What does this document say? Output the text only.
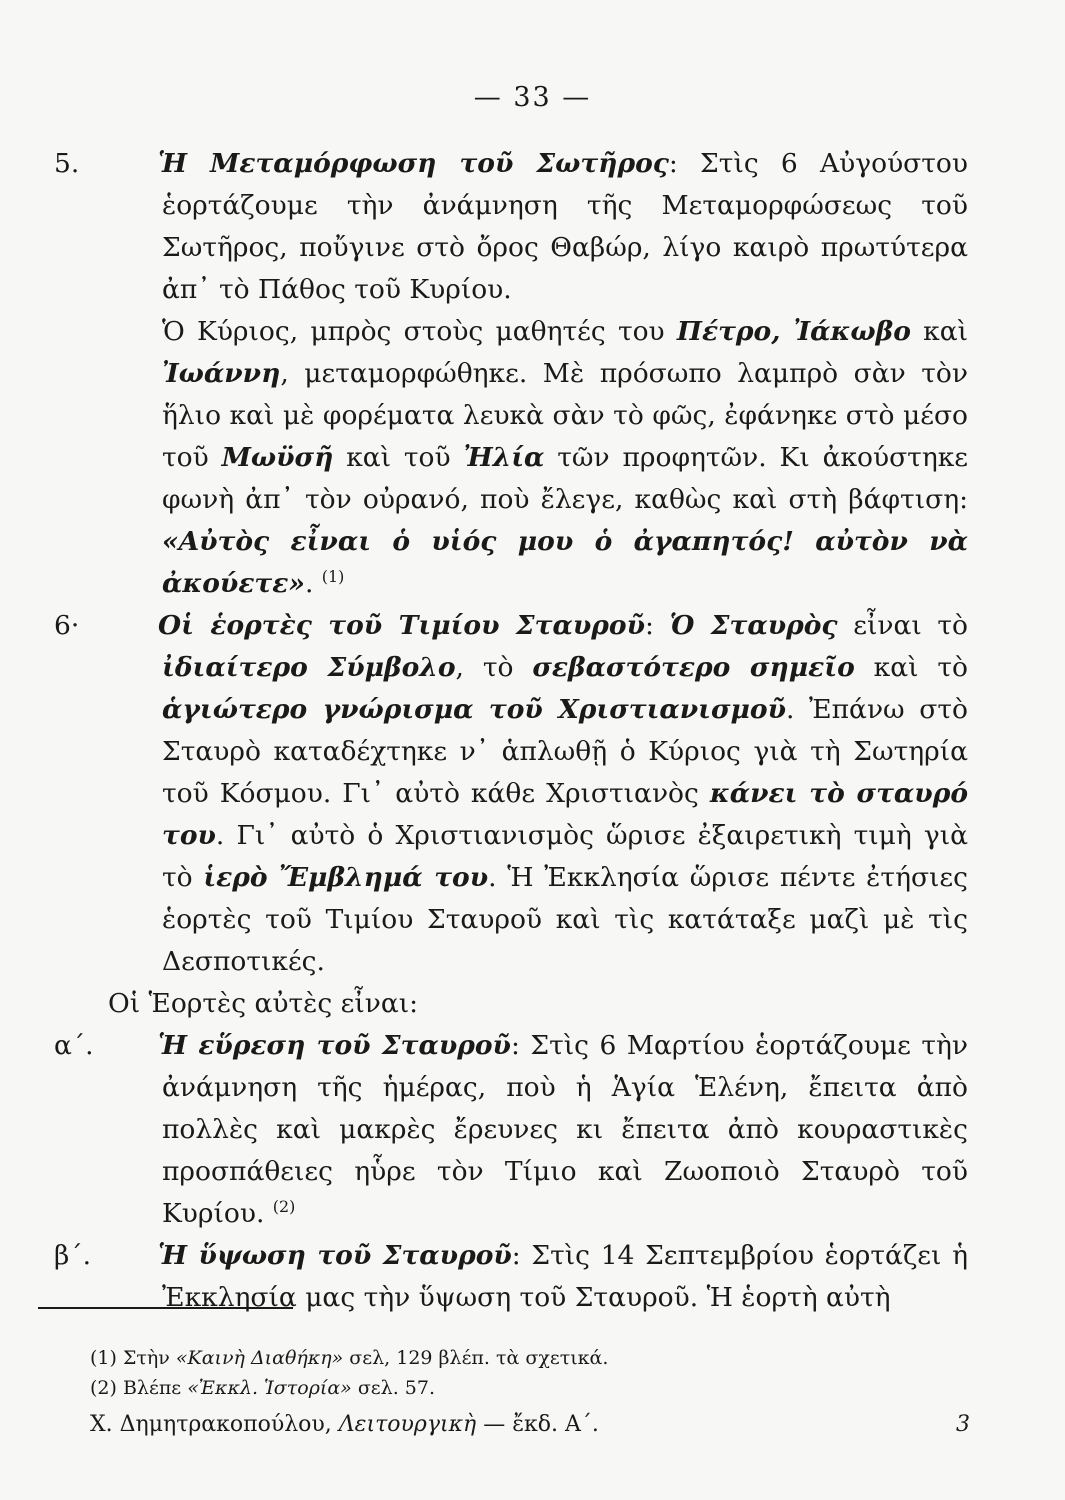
— 33 —

5.	Ἡ Μεταμόρφωση τοῦ Σωτῆρος: Στὶς 6 Αὐγούστου ἑορτάζουμε τὴν ἀνάμνηση τῆς Μεταμορφώσεως τοῦ Σωτῆρος, ποὔγινε στὸ ὄρος Θαβώρ, λίγο καιρὸ πρωτύτερα ἀπ᾿ τὸ Πάθος τοῦ Κυρίου.

Ὁ Κύριος, μπρὸς στοὺς μαθητές του Πέτρο, Ἰάκωβο καὶ Ἰωάννη, μεταμορφώθηκε. Μὲ πρόσωπο λαμπρὸ σὰν τὸν ἥλιο καὶ μὲ φορέματα λευκὰ σὰν τὸ φῶς, ἐφάνηκε στὸ μέσο τοῦ Μωϋσῆ καὶ τοῦ Ἠλία τῶν προφητῶν. Κι ἀκούστηκε φωνὴ ἀπ᾿ τὸν οὐρανό, ποὺ ἔλεγε, καθὼς καὶ στὴ βάφτιση: «Αὐτὸς εἶναι ὁ υἱός μου ὁ ἀγαπητός! αὐτὸν νὰ ἀκούετε». $^{(1)}$

6·	Οἱ ἑορτὲς τοῦ Τιμίου Σταυροῦ: Ὁ Σταυρὸς εἶναι τὸ ἰδιαίτερο Σύμβολο, τὸ σεβαστότερο σημεῖο καὶ τὸ ἁγιώτερο γνώρισμα τοῦ Χριστιανισμοῦ. Ἐπάνω στὸ Σταυρὸ καταδέχτηκε ν᾿ ἁπλωθῇ ὁ Κύριος γιὰ τὴ Σωτηρία τοῦ Κόσμου. Γι᾿ αὐτὸ κάθε Χριστιανὸς κάνει τὸ σταυρό του. Γι᾿ αὐτὸ ὁ Χριστιανισμὸς ὥρισε ἐξαιρετικὴ τιμὴ γιὰ τὸ ἱερὸ Ἔμβλημά του. Ἡ Ἐκκλησία ὥρισε πέντε ἐτήσιες ἑορτὲς τοῦ Τιμίου Σταυροῦ καὶ τὶς κατάταξε μαζὶ μὲ τὶς Δεσποτικές.

Οἱ Ἑορτὲς αὐτὲς εἶναι:

α΄. Ἡ εὕρεση τοῦ Σταυροῦ: Στὶς 6 Μαρτίου ἑορτάζουμε τὴν ἀνάμνηση τῆς ἡμέρας, ποὺ ἡ Ἁγία Ἑλένη, ἔπειτα ἀπὸ πολλὲς καὶ μακρὲς ἔρευνες κι ἔπειτα ἀπὸ κουραστικὲς προσπάθειες ηὗρε τὸν Τίμιο καὶ Ζωοποιὸ Σταυρὸ τοῦ Κυρίου. $^{(2)}$

β΄.	Ἡ ὕψωση τοῦ Σταυροῦ: Στὶς 14 Σεπτεμβρίου ἑορτάζει ἡ Ἐκκλησία μας τὴν ὕψωση τοῦ Σταυροῦ. Ἡ ἑορτὴ αὐτὴ

(1) Στὴν «Καινὴ Διαθήκη» σελ, 129 βλέπ. τὰ σχετικά.

(2) Βλέπε «Ἐκκλ. Ἱστορία» σελ. 57.

Χ. Δημητρακοπούλου, Λειτουργικὴ — ἔκδ. Α΄.	3
